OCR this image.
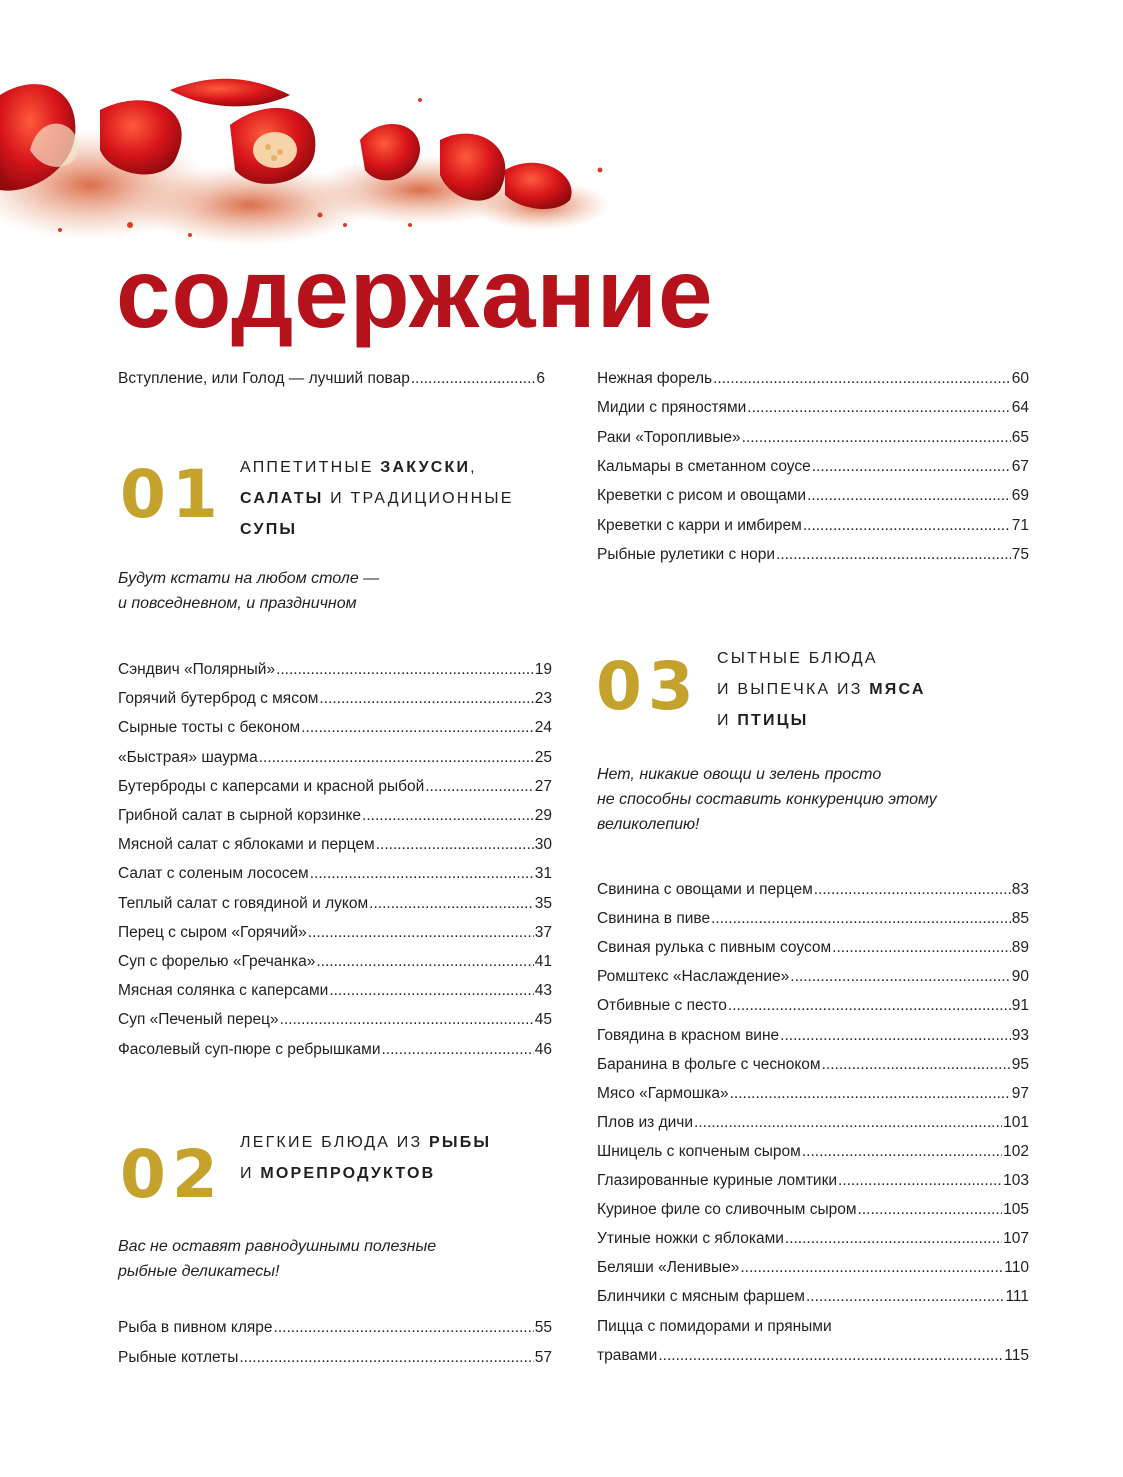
содержание
Вступление, или Голод — лучший повар .....	6
01 АППЕТИТНЫЕ ЗАКУСКИ,
САЛАТЫ И ТРАДИЦИОННЫЕ
СУПЫ
Будут кстати на любом столе —
и повседневном, и праздничном
Сэндвич «Полярный» .....	19
Горячий бутерброд с мясом .....	23
Сырные тосты с беконом .....	24
«Быстрая» шаурма .....	25
Бутерброды с каперсами и красной рыбой .....	27
Грибной салат в сырной корзинке .....	29
Мясной салат с яблоками и перцем .....	30
Салат с соленым лососем .....	31
Теплый салат с говядиной и луком .....	35
Перец с сыром «Горячий» .....	37
Суп с форелью «Гречанка» .....	41
Мясная солянка с каперсами .....	43
Суп «Печеный перец» .....	45
Фасолевый суп-пюре с ребрышками .....	46
02 ЛЕГКИЕ БЛЮДА ИЗ РЫБЫ
И МОРЕПРОДУКТОВ
Вас не оставят равнодушными полезные
рыбные деликатесы!
Рыба в пивном кляре .....	55
Рыбные котлеты .....	57
Нежная форель .....	60
Мидии с пряностями .....	64
Раки «Торопливые» .....	65
Кальмары в сметанном соусе .....	67
Креветки с рисом и овощами .....	69
Креветки с карри и имбирем .....	71
Рыбные рулетики с нори .....	75
03 СЫТНЫЕ БЛЮДА
И ВЫПЕЧКА ИЗ МЯСА
И ПТИЦЫ
Нет, никакие овощи и зелень просто
не способны составить конкуренцию этому
великолепию!
Свинина с овощами и перцем .....	83
Свинина в пиве .....	85
Свиная рулька с пивным соусом .....	89
Ромштекс «Наслаждение» .....	90
Отбивные с песто .....	91
Говядина в красном вине .....	93
Баранина в фольге с чесноком .....	95
Мясо «Гармошка» .....	97
Плов из дичи .....	101
Шницель с копченым сыром .....	102
Глазированные куриные ломтики .....	103
Куриное филе со сливочным сыром .....	105
Утиные ножки с яблоками .....	107
Беляши «Ленивые» .....	110
Блинчики с мясным фаршем .....	111
Пицца с помидорами и пряными
травами .....	115
